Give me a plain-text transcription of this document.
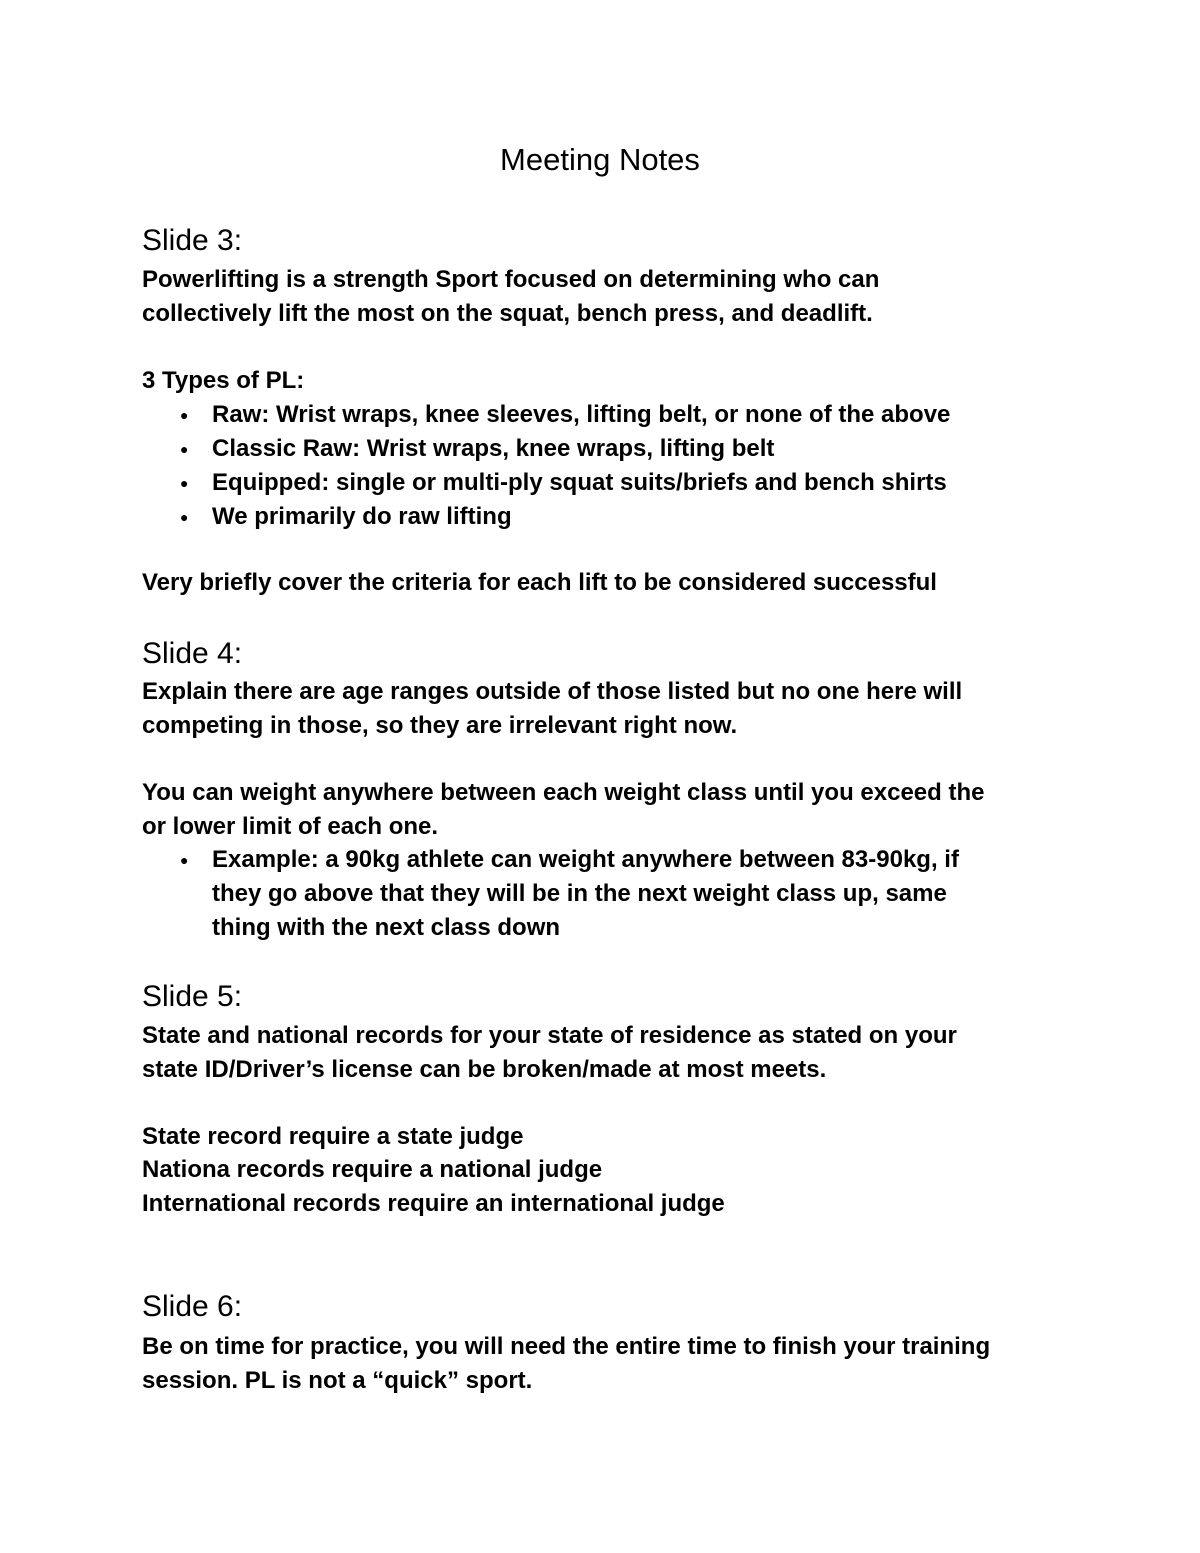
Meeting Notes
Slide 3:
Powerlifting is a strength Sport focused on determining who can
collectively lift the most on the squat, bench press, and deadlift.
3 Types of PL:
● Raw: Wrist wraps, knee sleeves, lifting belt, or none of the above
● Classic Raw: Wrist wraps, knee wraps, lifting belt
● Equipped: single or multi-ply squat suits/briefs and bench shirts
● We primarily do raw lifting
Very briefly cover the criteria for each lift to be considered successful
Slide 4:
Explain there are age ranges outside of those listed but no one here will
competing in those, so they are irrelevant right now.
You can weight anywhere between each weight class until you exceed the
or lower limit of each one.
● Example: a 90kg athlete can weight anywhere between 83-90kg, if
they go above that they will be in the next weight class up, same
thing with the next class down
Slide 5:
State and national records for your state of residence as stated on your
state ID/Driver’s license can be broken/made at most meets.
State record require a state judge
Nationa records require a national judge
International records require an international judge
Slide 6:
Be on time for practice, you will need the entire time to finish your training
session. PL is not a “quick” sport.
